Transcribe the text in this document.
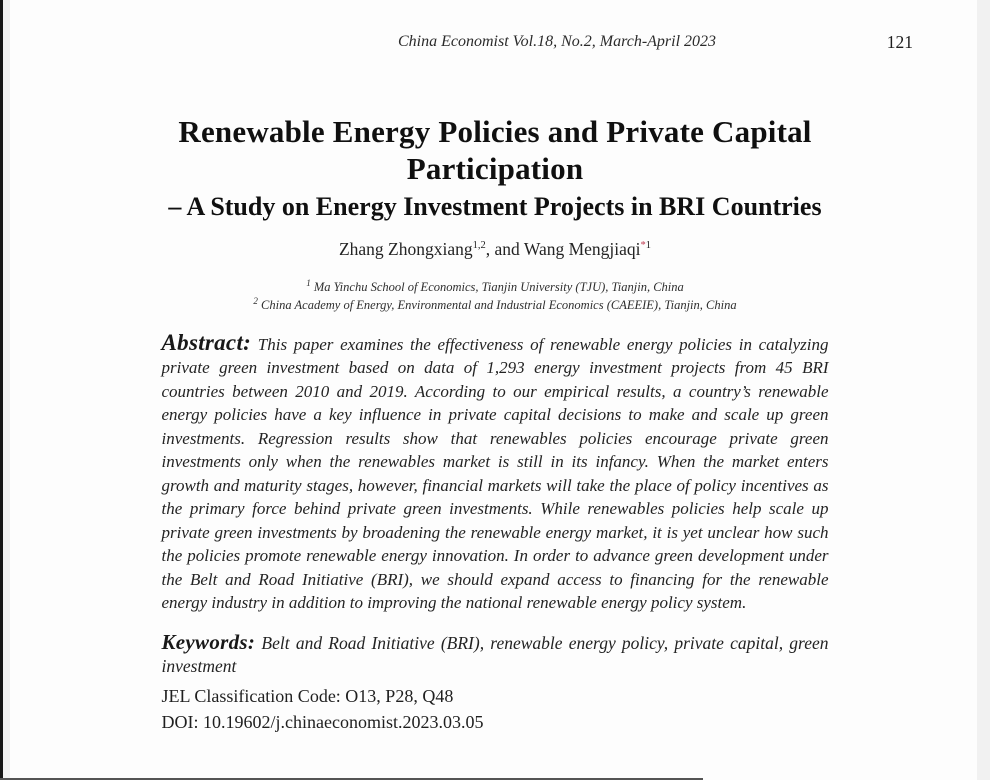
China Economist Vol.18, No.2, March-April 2023	121
Renewable Energy Policies and Private Capital Participation
– A Study on Energy Investment Projects in BRI Countries

Zhang Zhongxiang$^{1,2}$, and Wang Mengjiaqi$^{*1}$

$^1$ Ma Yinchu School of Economics, Tianjin University (TJU), Tianjin, China
$^2$ China Academy of Energy, Environmental and Industrial Economics (CAEEIE), Tianjin, China

Abstract: This paper examines the effectiveness of renewable energy policies in catalyzing private green investment based on data of 1,293 energy investment projects from 45 BRI countries between 2010 and 2019. According to our empirical results, a country’s renewable energy policies have a key influence in private capital decisions to make and scale up green investments. Regression results show that renewables policies encourage private green investments only when the renewables market is still in its infancy. When the market enters growth and maturity stages, however, financial markets will take the place of policy incentives as the primary force behind private green investments. While renewables policies help scale up private green investments by broadening the renewable energy market, it is yet unclear how such the policies promote renewable energy innovation. In order to advance green development under the Belt and Road Initiative (BRI), we should expand access to financing for the renewable energy industry in addition to improving the national renewable energy policy system.

Keywords: Belt and Road Initiative (BRI), renewable energy policy, private capital, green investment

JEL Classification Code: O13, P28, Q48

DOI: 10.19602/j.chinaeconomist.2023.03.05
